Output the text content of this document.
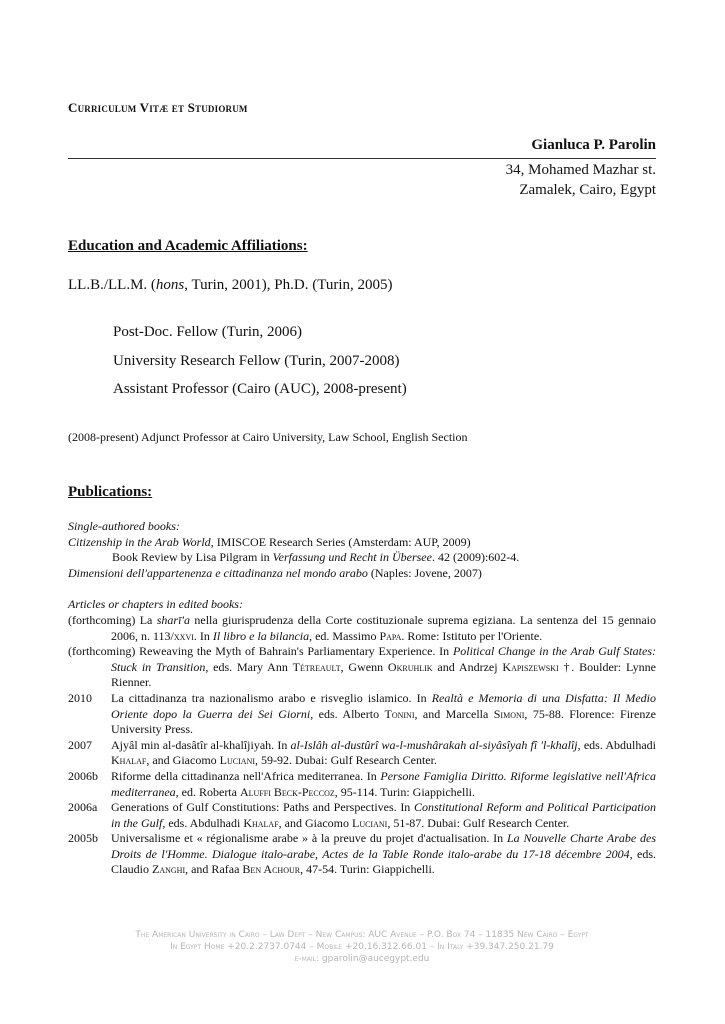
Curriculum Vitæ et Studiorum
Gianluca P. Parolin
34, Mohamed Mazhar st.
Zamalek, Cairo, Egypt
Education and Academic Affiliations:
LL.B./LL.M. (hons, Turin, 2001), Ph.D. (Turin, 2005)
Post-Doc. Fellow (Turin, 2006)
University Research Fellow (Turin, 2007-2008)
Assistant Professor (Cairo (AUC), 2008-present)
(2008-present) Adjunct Professor at Cairo University, Law School, English Section
Publications:
Single-authored books:
Citizenship in the Arab World, IMISCOE Research Series (Amsterdam: AUP, 2009)
Book Review by Lisa Pilgram in Verfassung und Recht in Übersee. 42 (2009):602-4.
Dimensioni dell'appartenenza e cittadinanza nel mondo arabo (Naples: Jovene, 2007)
Articles or chapters in edited books:
(forthcoming) La sharī'a nella giurisprudenza della Corte costituzionale suprema egiziana. La sentenza del 15 gennaio 2006, n. 113/xxvi. In Il libro e la bilancia, ed. Massimo Papa. Rome: Istituto per l'Oriente.
(forthcoming) Reweaving the Myth of Bahrain's Parliamentary Experience. In Political Change in the Arab Gulf States: Stuck in Transition, eds. Mary Ann Tétreault, Gwenn Okruhlik and Andrzej Kapiszewski †. Boulder: Lynne Rienner.
2010	La cittadinanza tra nazionalismo arabo e risveglio islamico. In Realtà e Memoria di una Disfatta: Il Medio Oriente dopo la Guerra dei Sei Giorni, eds. Alberto Tonini, and Marcella Simoni, 75-88. Florence: Firenze University Press.
2007	Ajyâl min al-dasâtîr al-khalîjiyah. In al-Islâh al-dustûrî wa-l-mushârakah al-siyâsîyah fî 'l-khalîj, eds. Abdulhadi Khalaf, and Giacomo Luciani, 59-92. Dubai: Gulf Research Center.
2006b	Riforme della cittadinanza nell'Africa mediterranea. In Persone Famiglia Diritto. Riforme legislative nell'Africa mediterranea, ed. Roberta Aluffi Beck-Peccoz, 95-114. Turin: Giappichelli.
2006a	Generations of Gulf Constitutions: Paths and Perspectives. In Constitutional Reform and Political Participation in the Gulf, eds. Abdulhadi Khalaf, and Giacomo Luciani, 51-87. Dubai: Gulf Research Center.
2005b	Universalisme et « régionalisme arabe » à la preuve du projet d'actualisation. In La Nouvelle Charte Arabe des Droits de l'Homme. Dialogue italo-arabe, Actes de la Table Ronde italo-arabe du 17-18 décembre 2004, eds. Claudio Zanghi, and Rafaa Ben Achour, 47-54. Turin: Giappichelli.
The American University in Cairo – Law Dept – New Campus: AUC Avenue – P.O. Box 74 – 11835 New Cairo – Egypt
In Egypt Home +20.2.2737.0744 – Mobile +20.16.312.66.01 – In Italy +39.347.250.21.79
e-mail: gparolin@aucegypt.edu
